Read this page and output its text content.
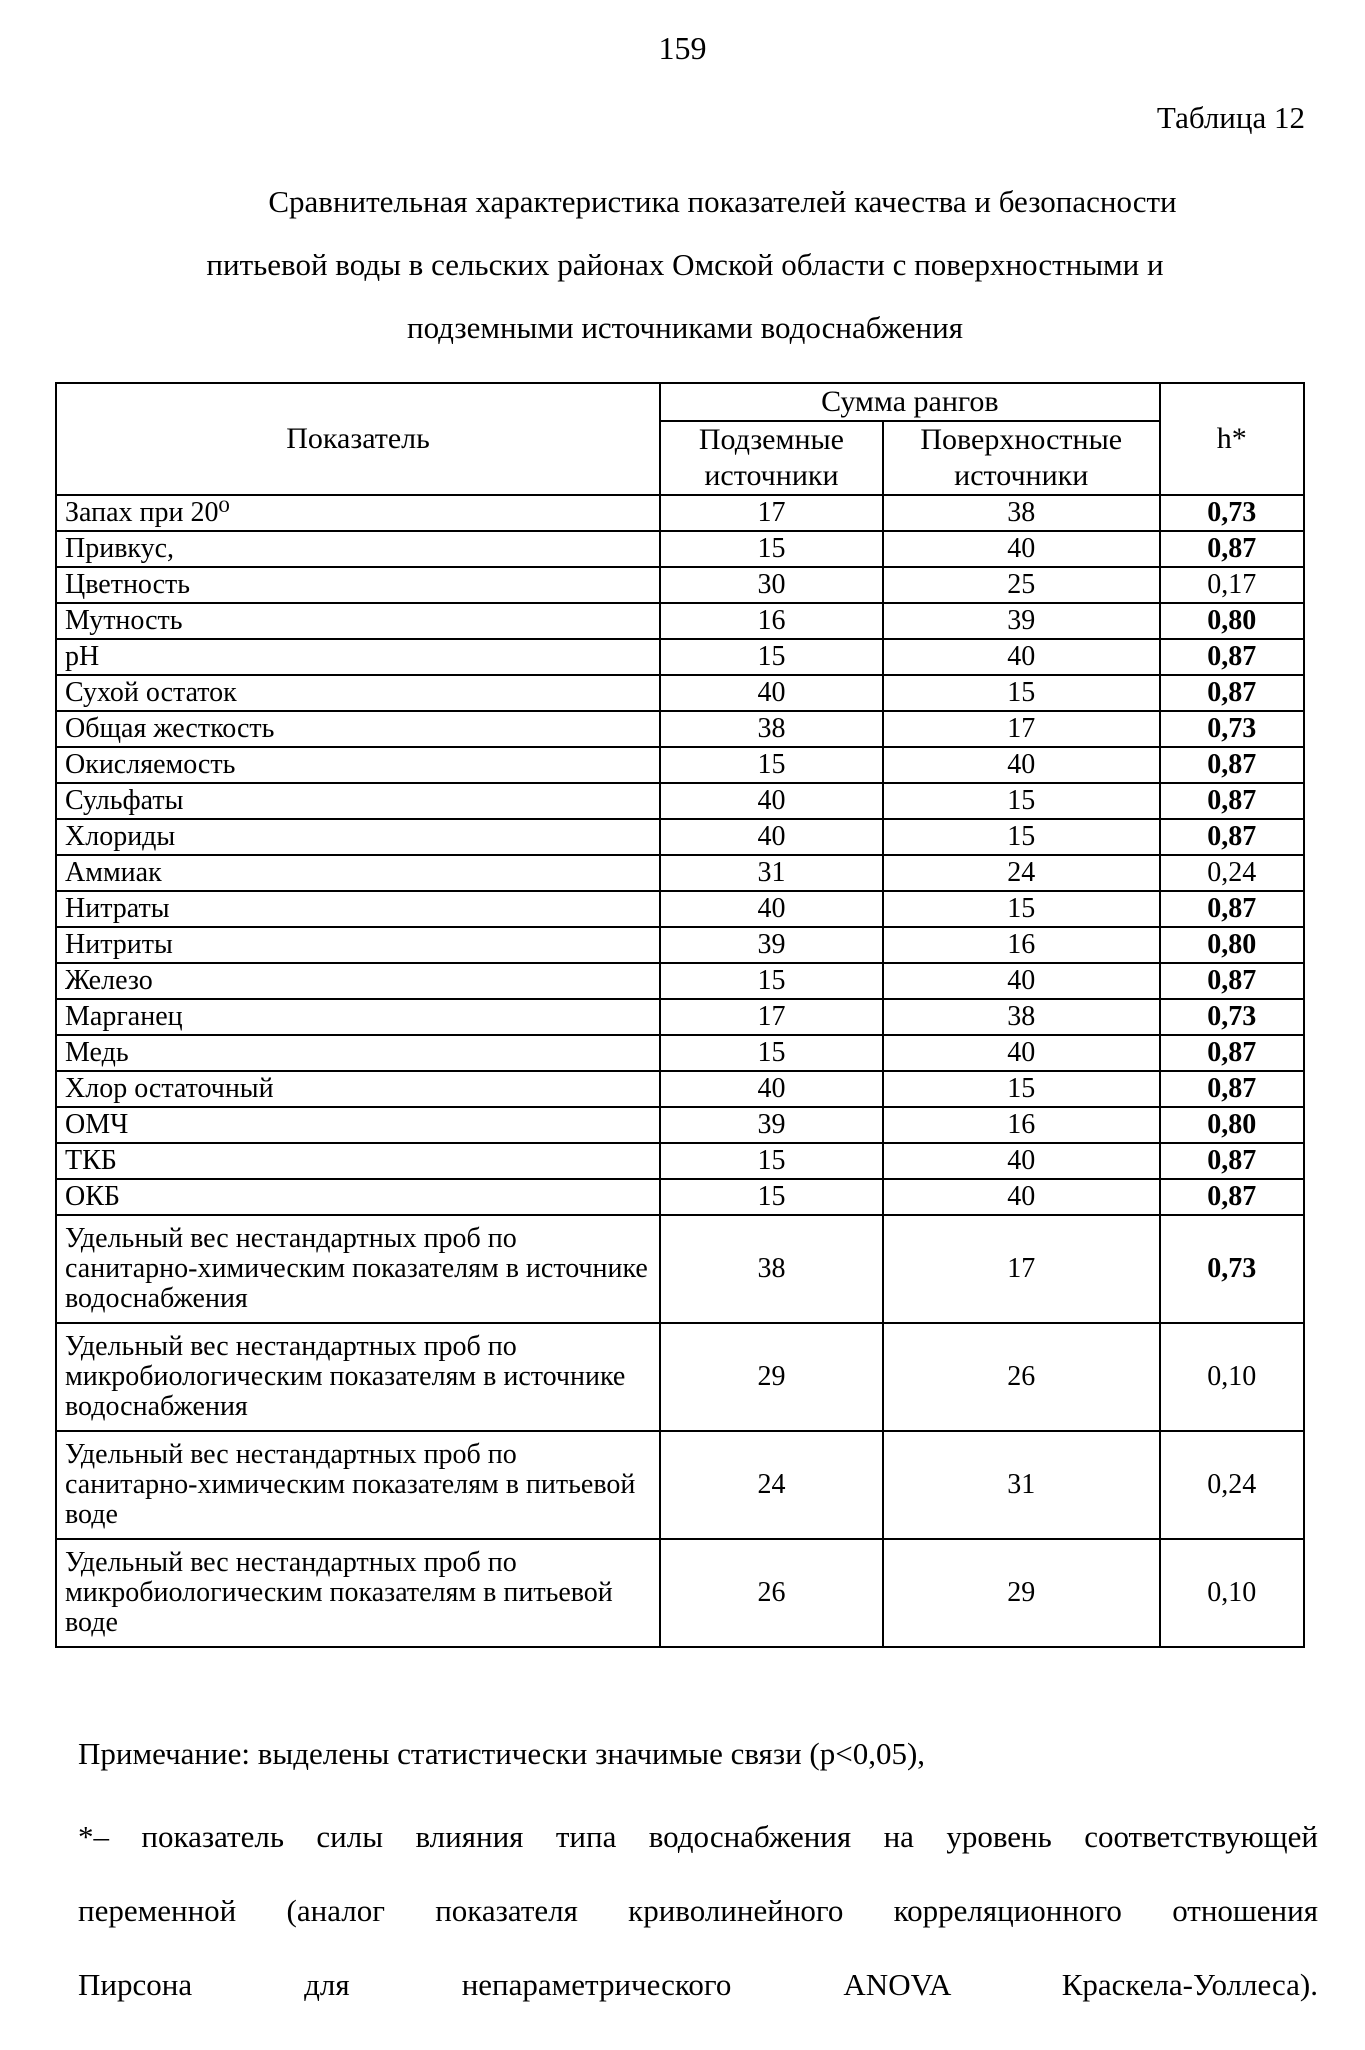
159
Таблица 12
Сравнительная характеристика показателей качества и безопасности
питьевой воды в сельских районах Омской области с поверхностными и
подземными источниками водоснабжения
Показатель	Сумма рангов		h*
	Подземные источники	Поверхностные источники	
Запах при 20⁰	17	38	0,73
Привкус,	15	40	0,87
Цветность	30	25	0,17
Мутность	16	39	0,80
pH	15	40	0,87
Сухой остаток	40	15	0,87
Общая жесткость	38	17	0,73
Окисляемость	15	40	0,87
Сульфаты	40	15	0,87
Хлориды	40	15	0,87
Аммиак	31	24	0,24
Нитраты	40	15	0,87
Нитриты	39	16	0,80
Железо	15	40	0,87
Марганец	17	38	0,73
Медь	15	40	0,87
Хлор остаточный	40	15	0,87
ОМЧ	39	16	0,80
ТКБ	15	40	0,87
ОКБ	15	40	0,87
Удельный вес нестандартных проб по санитарно-химическим показателям в источнике водоснабжения	38	17	0,73
Удельный вес нестандартных проб по микробиологическим показателям в источнике водоснабжения	29	26	0,10
Удельный вес нестандартных проб по санитарно-химическим показателям в питьевой воде	24	31	0,24
Удельный вес нестандартных проб по микробиологическим показателям в питьевой воде	26	29	0,10
Примечание: выделены статистически значимые связи (p<0,05),
*– показатель силы влияния типа водоснабжения на уровень соответствующей
переменной (аналог показателя криволинейного корреляционного отношения
Пирсона для непараметрического ANOVA Краскела-Уоллеса).
